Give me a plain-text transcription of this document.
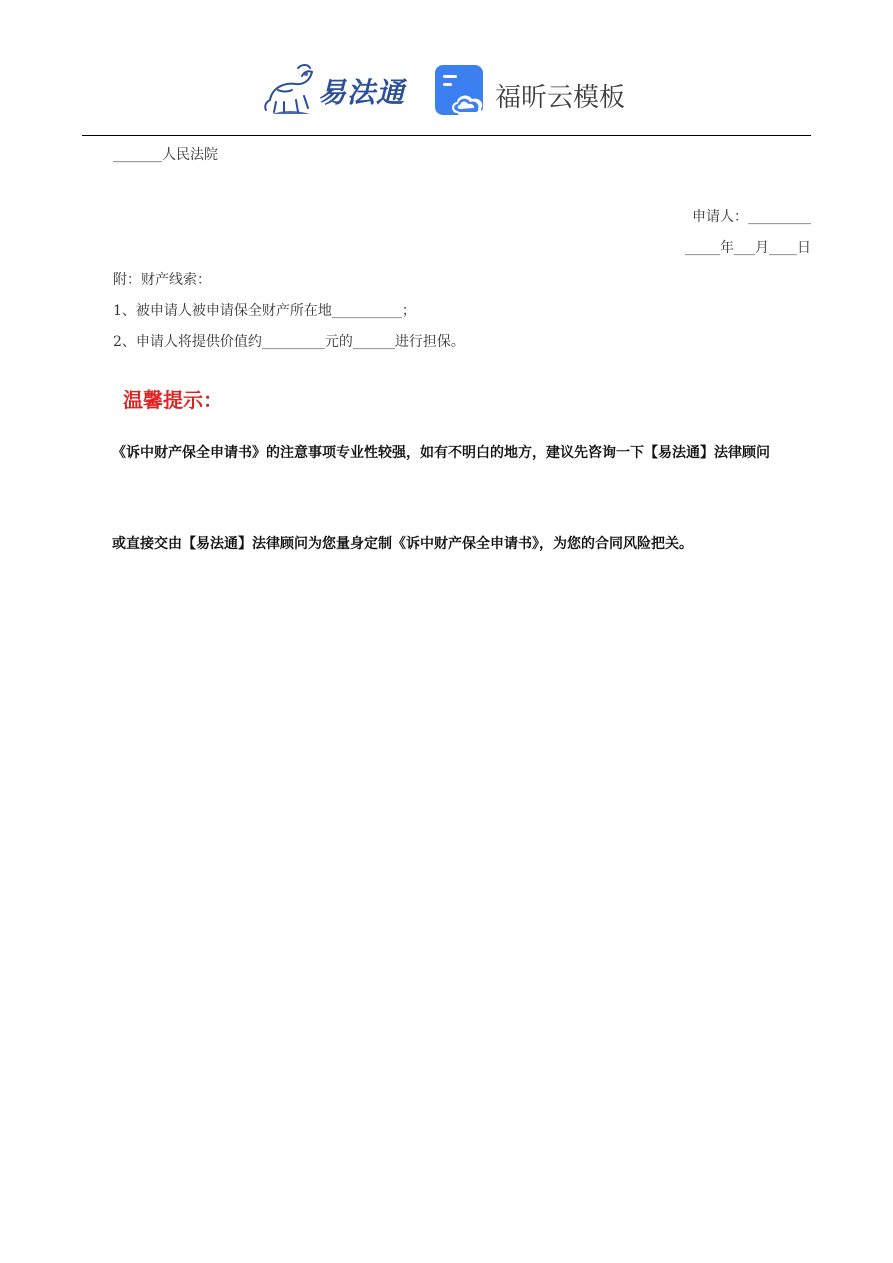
易法通	福昕云模板
_______人民法院
申请人：_________
_____年___月____日
附：财产线索：
1、被申请人被申请保全财产所在地__________；
2、申请人将提供价值约_________元的______进行担保。
温馨提示：
《诉中财产保全申请书》的注意事项专业性较强，如有不明白的地方，建议先咨询一下【易法通】法律顾问
或直接交由【易法通】法律顾问为您量身定制《诉中财产保全申请书》，为您的合同风险把关。
